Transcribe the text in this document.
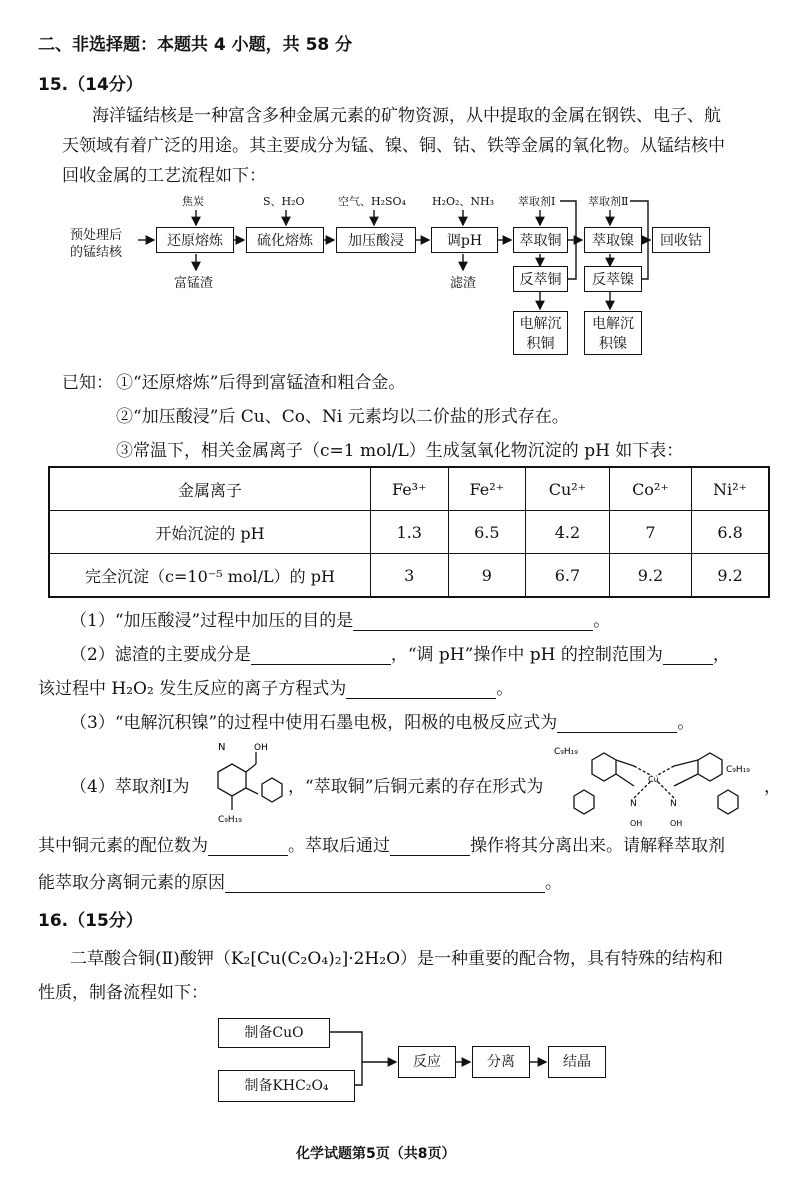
二、非选择题：本题共 4 小题，共 58 分
15.（14分）
海洋锰结核是一种富含多种金属元素的矿物资源，从中提取的金属在钢铁、电子、航
天领域有着广泛的用途。其主要成分为锰、镍、铜、钴、铁等金属的氧化物。从锰结核中
回收金属的工艺流程如下：
预处理后
的锰结核
还原熔炼	硫化熔炼	加压酸浸	调pH	萃取铜	萃取镍	回收钴
焦炭	S、H₂O	空气、H₂SO₄ H₂O₂、NH₃ 萃取剂Ⅰ	萃取剂Ⅱ
富锰渣	滤渣	反萃铜	反萃镍
电解沉
积铜
电解沉
积镍
已知： ①“还原熔炼”后得到富锰渣和粗合金。
②“加压酸浸”后 Cu、Co、Ni 元素均以二价盐的形式存在。
③常温下，相关金属离子（c=1 mol/L）生成氢氧化物沉淀的 pH 如下表：
金属离子	Fe³⁺	Fe²⁺	Cu²⁺	Co²⁺	Ni²⁺
开始沉淀的 pH	1.3	6.5	4.2	7	6.8
完全沉淀（c=10⁻⁵ mol/L）的 pH	3	9	6.7	9.2	9.2
（1）“加压酸浸”过程中加压的目的是	。
（2）滤渣的主要成分是	，“调 pH”操作中 pH 的控制范围为	，
该过程中 H₂O₂ 发生反应的离子方程式为	。
（3）“电解沉积镍”的过程中使用石墨电极，阳极的电极反应式为	。
（4）萃取剂Ⅰ为
N	OH
C₉H₁₉
，“萃取铜”后铜元素的存在形式为
C₉H₁₉
C₉H₁₉
Cu
N	N
OH	OH
，
其中铜元素的配位数为	。萃取后通过	操作将其分离出来。请解释萃取剂
能萃取分离铜元素的原因	。
16.（15分）
二草酸合铜(Ⅱ)酸钾（K₂[Cu(C₂O₄)₂]·2H₂O）是一种重要的配合物，具有特殊的结构和
性质，制备流程如下：
制备CuO
制备KHC₂O₄
反应	分离	结晶
化学试题第5页（共8页）
